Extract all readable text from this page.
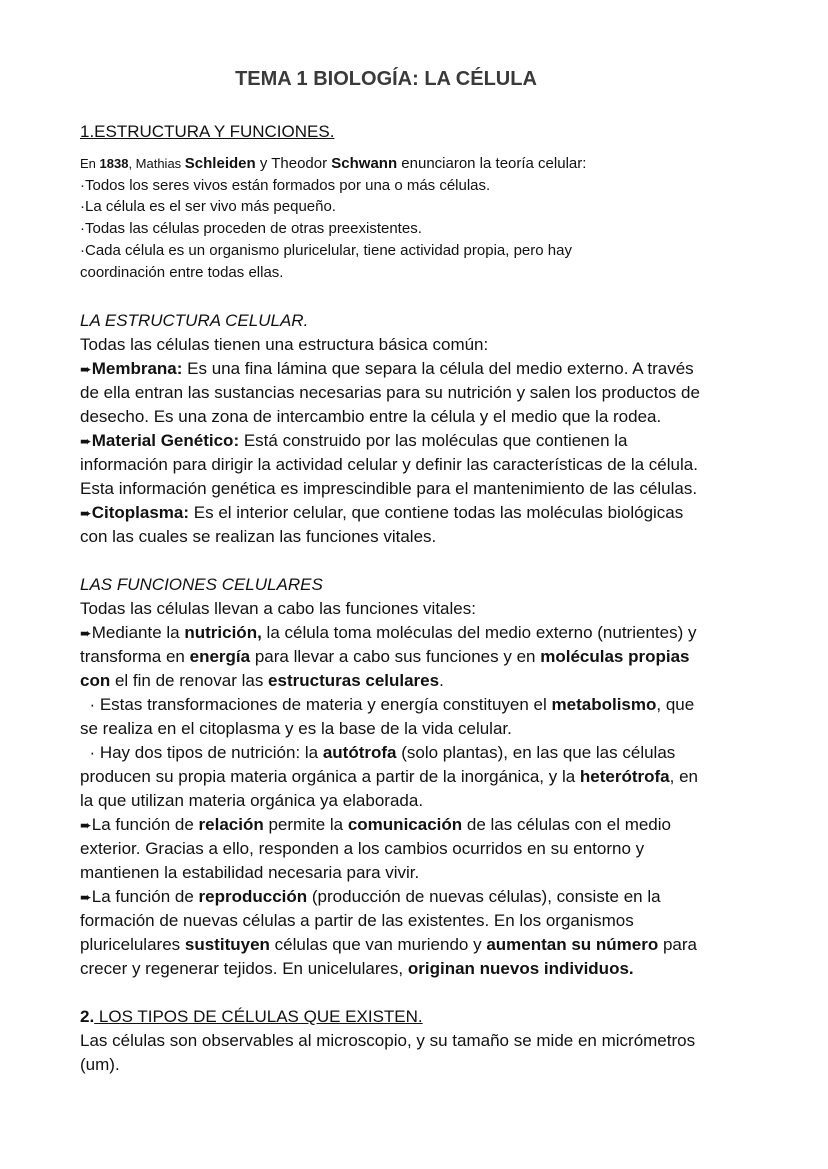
TEMA 1 BIOLOGÍA: LA CÉLULA

1.ESTRUCTURA Y FUNCIONES.

En 1838, Mathias Schleiden y Theodor Schwann enunciaron la teoría celular:
·Todos los seres vivos están formados por una o más células.
·La célula es el ser vivo más pequeño.
·Todas las células proceden de otras preexistentes.
·Cada célula es un organismo pluricelular, tiene actividad propia, pero hay
coordinación entre todas ellas.
LA ESTRUCTURA CELULAR.
Todas las células tienen una estructura básica común:
➨Membrana: Es una fina lámina que separa la célula del medio externo. A través
de ella entran las sustancias necesarias para su nutrición y salen los productos de
desecho. Es una zona de intercambio entre la célula y el medio que la rodea.
➨Material Genético: Está construido por las moléculas que contienen la
información para dirigir la actividad celular y definir las características de la célula.
Esta información genética es imprescindible para el mantenimiento de las células.
➨Citoplasma: Es el interior celular, que contiene todas las moléculas biológicas
con las cuales se realizan las funciones vitales.
LAS FUNCIONES CELULARES
Todas las células llevan a cabo las funciones vitales:
➨Mediante la nutrición, la célula toma moléculas del medio externo (nutrientes) y
transforma en energía para llevar a cabo sus funciones y en moléculas propias
con el fin de renovar las estructuras celulares.
· Estas transformaciones de materia y energía constituyen el metabolismo, que
se realiza en el citoplasma y es la base de la vida celular.
· Hay dos tipos de nutrición: la autótrofa (solo plantas), en las que las células
producen su propia materia orgánica a partir de la inorgánica, y la heterótrofa, en
la que utilizan materia orgánica ya elaborada.
➨La función de relación permite la comunicación de las células con el medio
exterior. Gracias a ello, responden a los cambios ocurridos en su entorno y
mantienen la estabilidad necesaria para vivir.
➨La función de reproducción (producción de nuevas células), consiste en la
formación de nuevas células a partir de las existentes. En los organismos
pluricelulares sustituyen células que van muriendo y aumentan su número para
crecer y regenerar tejidos. En unicelulares, originan nuevos individuos.
2. LOS TIPOS DE CÉLULAS QUE EXISTEN.
Las células son observables al microscopio, y su tamaño se mide en micrómetros
(um).
